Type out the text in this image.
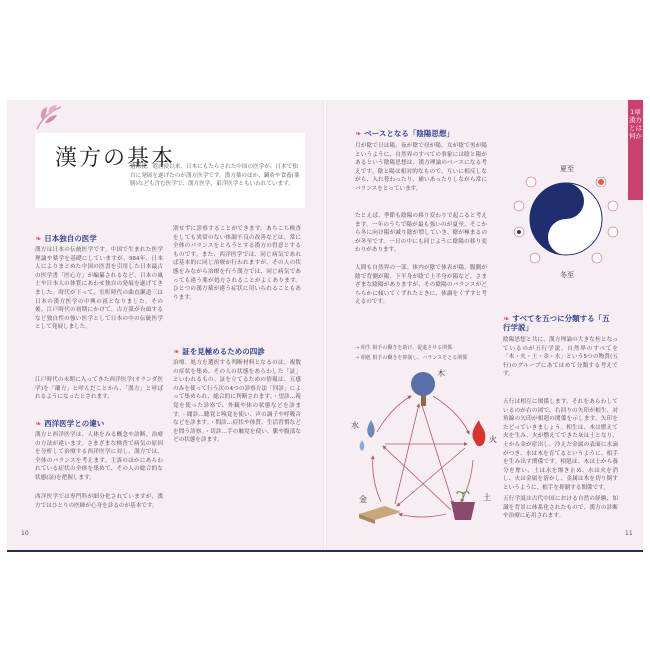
漢方の基本
遣隋使、遣唐使以来、日本にもたらされた中国の医学が、日本で独自に発展を遂げたのが漢方医学です。漢方薬のほか、鍼灸や食養(薬膳)なども含む医学で、漢方医学、東洋医学ともいわれています。
❧ 日本独自の医学
漢方は日本の伝統医学です。中国で生まれた医学理論や薬学を基礎にしていますが、984年、日本人によりまとめた中国の医書を引用した日本最古の医学書「医心方」が編纂されるなど、日本の風土や日本人の体質にあわせ独自の発展を遂げてきました。時代が下って、室町時代の曲直瀬道三は日本の漢方医学の中興の祖となりました。その後、江戸時代の初期にかけて、古方派が台頭するなど独自性の強い医学として日本の中の伝統医学として発展しました。
江戸時代の末期に入ってきた西洋医学(オランダ医学)を「蘭方」と呼んだことから、「漢方」と呼ばれるようになったとされます。
❧ 西洋医学との違い
漢方と西洋医学は、人体をみる概念や診断、治療の方法が違います。さまざまな検査で病気の原因を分析して治療する西洋医学に対し、漢方では、全体のバランスを考えます。主訴のほかにあらわれている症状の全体を集めて、その人の総合的な状態(証)を把握します。
西洋医学では専門科が細分化されていますが、漢方ではひとりの医師が心身を診るのが基本です。
別せずに診察することができます。あちこち検査をしても異常のない体調不良の改善などは、常に全体のバランスをとろうとする漢方の得意とするものです。また、西洋医学では、同じ病気であれば基本的に同じ治療が行われますが、その人の状態をみながら治療を行う漢方では、同じ病気であっても違う薬が処方されることがよくあります。ひとつの漢方薬が違う症状に用いられることもあります。
❧ 証を見極めるための四診
治療、処方を選択する判断材料となるのは、複数の症状を集め、その人の状態をあらわした「証」といわれるもの。証を立てるための情報は、五感のみを使って行う次の4つの診察方法「四診」によって集められ、総合的に判断されます。・望診…視覚を使った診察で、外観や体の状態などを診ます。・聞診…聴覚と嗅覚を使い、声の調子や呼吸音などを診ます。・問診…症状や体質、生活習慣などを問う診察。・切診…手の触覚を使い、脈や腹部などの状態を診ます。
10
1章 漢方とは何か
❧ ベースとなる「陰陽思想」
月が陰で日は陽、夜が陰で昼が陽、女が陰で男が陽というように、自然界のすべての事象には陰と陽があるという陰陽思想は、漢方理論のベースになる考えです。陰と陽は相対的なもので、互いに相反しながら、入れ替わったり、補いあったりしながら常にバランスをとっています。
たとえば、季節も陰陽の移り変わりで起こると考えます。一年のうちで陽が最も強いのが夏至、そこから冬に向け陽が減り陰が増していき、陰が極まるのが冬至です。一日の中にも同じように陰陽の移り変わりがあります。
人間も自然界の一部。体内が陰で体表が陽、腹側が陰で背側が陽、下半身が陰で上半身が陽など、さまざまな陰陽がありますが、その陰陽のバランスがどちらかに傾いてくずれたときに、体調をくずすと考えるのです。
夏至
冬至
❧ すべてを五つに分類する「五行学説」
陰陽思想と共に、漢方理論の大きな柱となっているのが五行学説。自然界のすべてを「木・火・土・金・水」という5つの物質(五行)のグループにあてはめて分類する考えです。
五行は相互に関係します。それをあらわしているのが右の図で、右回りの矢印が相生、対角線の矢印が相剋の関係を示します。矢印をたどっていきましょう。相生は、木は燃えて火を生み、火が燃えてできた灰は土となり、土から金が産出し、冷えた金属の表面に水滴がつき、水は木を育てるというように、相手を生み出す関係です。相剋は、木は土から養分を奪い、土は水を堰き止め、水は火を消し、火は金属を溶かし、金属は木を切り倒すというように、相手を抑制する関係です。
五行学説は古代中国における自然の経験、知識を背景に体系化されたもので、漢方の診断や治療に応用されます。
→ 相生 相手の働きを助け、促進させる関係
→ 相剋 相手の働きを抑制し、バランスをとる関係
木
火
土
金
水
11
